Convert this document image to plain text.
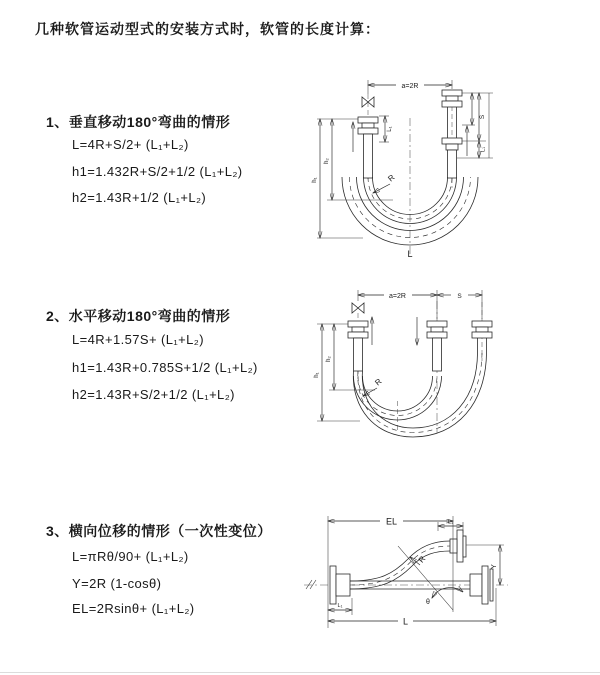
几种软管运动型式的安装方式时，软管的长度计算：
1、垂直移动180°弯曲的情形
L=4R+S/2+ (L₁+L₂)
h1=1.432R+S/2+1/2 (L₁+L₂)
h2=1.43R+1/2 (L₁+L₂)
2、水平移动180°弯曲的情形
L=4R+1.57S+ (L₁+L₂)
h1=1.43R+0.785S+1/2 (L₁+L₂)
h2=1.43R+S/2+1/2 (L₁+L₂)
3、横向位移的情形（一次性变位）
L=πRθ/90+ (L₁+L₂)
Y=2R (1-cosθ)
EL=2Rsinθ+ (L₁+L₂)
a=2R
L₁
S
L₁
h₂
h₁	R
L
a=2R	S
h₂
h₁
R
θ
EL	L₁
Y
L
L₁
R
